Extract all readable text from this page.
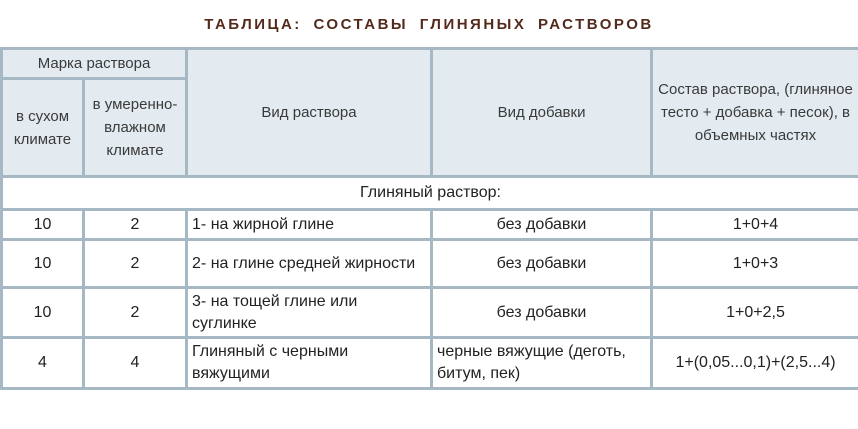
ТАБЛИЦА: СОСТАВЫ ГЛИНЯНЫХ РАСТВОРОВ
Марка раствора		Вид раствора	Вид добавки	Состав раствора, (глиняное тесто + добавка + песок), в объемных частях
в сухом климате	в умеренно-влажном климате			
Глиняный раствор:				
10	2	1- на жирной глине	без добавки	1+0+4
10	2	2- на глине средней жирности	без добавки	1+0+3
10	2	3- на тощей глине или суглинке	без добавки	1+0+2,5
4	4	Глиняный с черными вяжущими	черные вяжущие (деготь, битум, пек)	1+(0,05...0,1)+(2,5...4)
